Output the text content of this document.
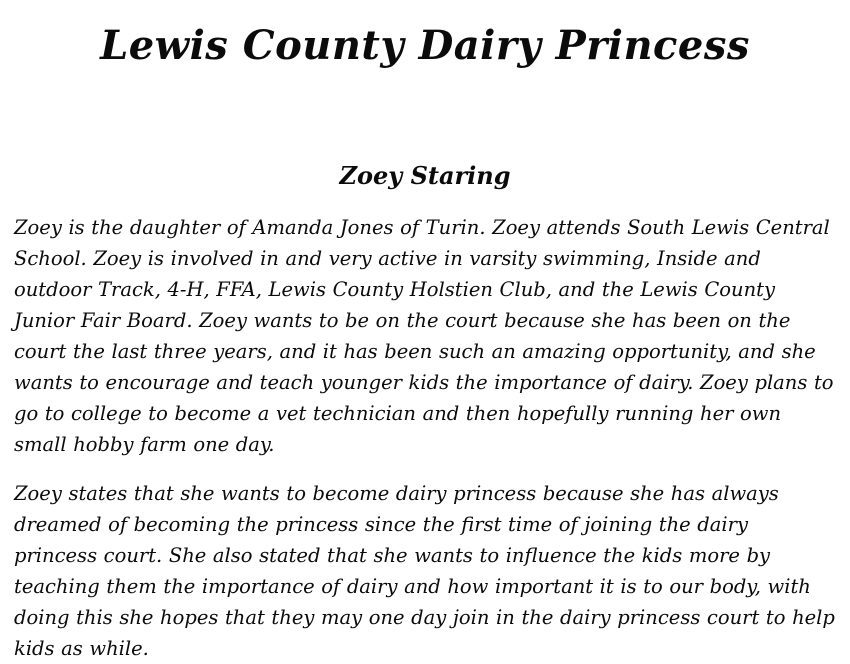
Lewis County Dairy Princess
Zoey Staring

Zoey is the daughter of Amanda Jones of Turin. Zoey attends South Lewis Central School. Zoey is involved in and very active in varsity swimming, Inside and outdoor Track, 4-H, FFA, Lewis County Holstien Club, and the Lewis County Junior Fair Board. Zoey wants to be on the court because she has been on the court the last three years, and it has been such an amazing opportunity, and she wants to encourage and teach younger kids the importance of dairy. Zoey plans to go to college to become a vet technician and then hopefully running her own small hobby farm one day.

Zoey states that she wants to become dairy princess because she has always dreamed of becoming the princess since the first time of joining the dairy princess court. She also stated that she wants to influence the kids more by teaching them the importance of dairy and how important it is to our body, with doing this she hopes that they may one day join in the dairy princess court to help kids as while.
